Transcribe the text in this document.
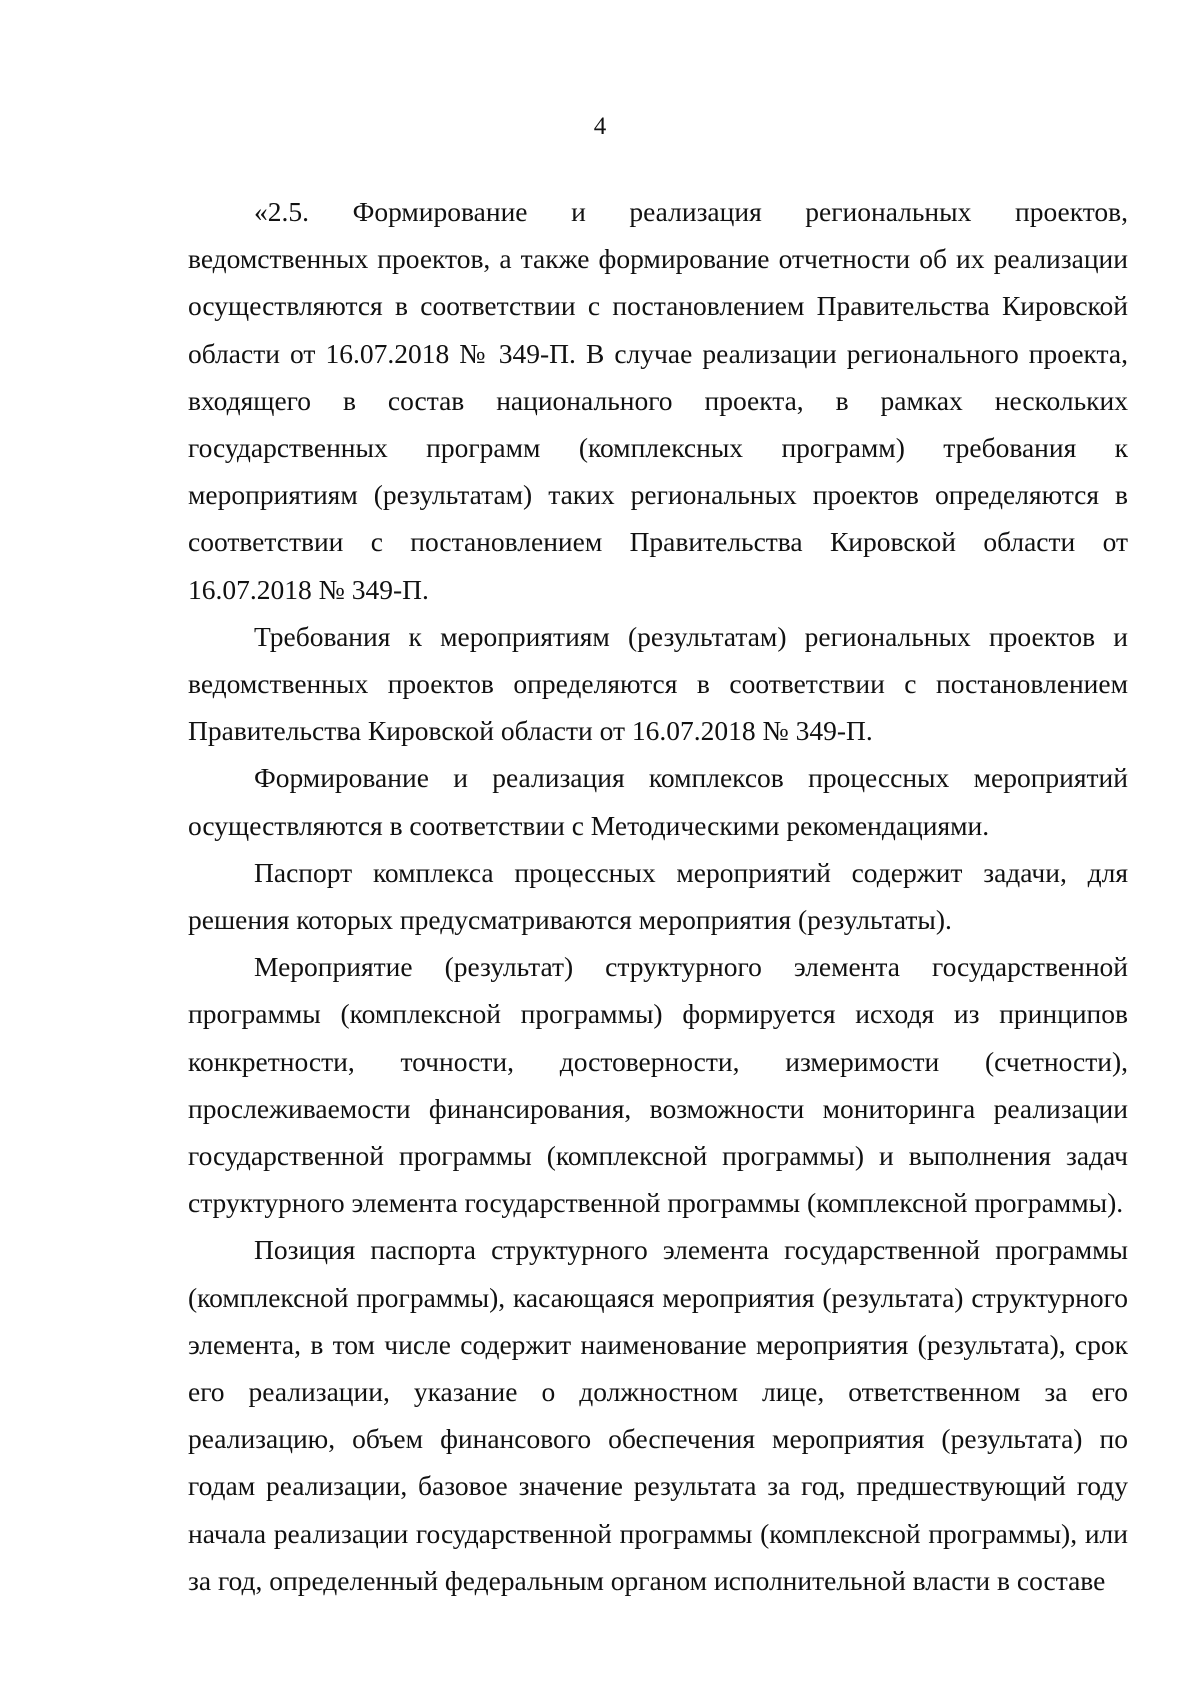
4

«2.5. Формирование и реализация региональных проектов, ведомственных проектов, а также формирование отчетности об их реализации осуществляются в соответствии с постановлением Правительства Кировской области от 16.07.2018 № 349-П. В случае реализации регионального проекта, входящего в состав национального проекта, в рамках нескольких государственных программ (комплексных программ) требования к мероприятиям (результатам) таких региональных проектов определяются в соответствии с постановлением Правительства Кировской области от 16.07.2018 № 349-П.

Требования к мероприятиям (результатам) региональных проектов и ведомственных проектов определяются в соответствии с постановлением Правительства Кировской области от 16.07.2018 № 349-П.

Формирование и реализация комплексов процессных мероприятий осуществляются в соответствии с Методическими рекомендациями.

Паспорт комплекса процессных мероприятий содержит задачи, для решения которых предусматриваются мероприятия (результаты).

Мероприятие (результат) структурного элемента государственной программы (комплексной программы) формируется исходя из принципов конкретности, точности, достоверности, измеримости (счетности), прослеживаемости финансирования, возможности мониторинга реализации государственной программы (комплексной программы) и выполнения задач структурного элемента государственной программы (комплексной программы).

Позиция паспорта структурного элемента государственной программы (комплексной программы), касающаяся мероприятия (результата) структурного элемента, в том числе содержит наименование мероприятия (результата), срок его реализации, указание о должностном лице, ответственном за его реализацию, объем финансового обеспечения мероприятия (результата) по годам реализации, базовое значение результата за год, предшествующий году начала реализации государственной программы (комплексной программы), или за год, определенный федеральным органом исполнительной власти в составе
